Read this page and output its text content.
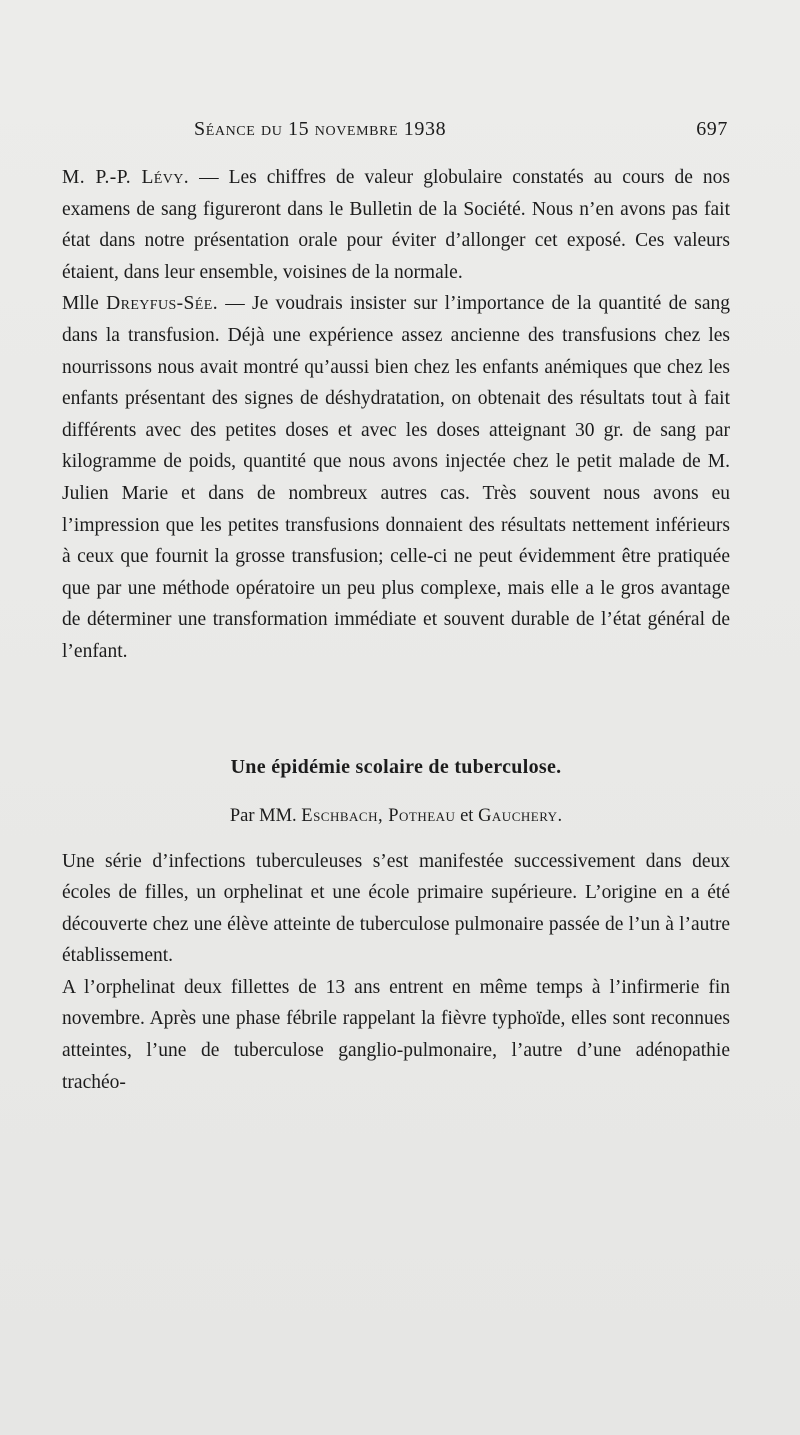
Séance du 15 novembre 1938	697

M. P.-P. Lévy. — Les chiffres de valeur globulaire constatés au cours de nos examens de sang figureront dans le Bulletin de la Société. Nous n’en avons pas fait état dans notre présentation orale pour éviter d’allonger cet exposé. Ces valeurs étaient, dans leur ensemble, voisines de la normale.

Mlle Dreyfus-Sée. — Je voudrais insister sur l’importance de la quantité de sang dans la transfusion. Déjà une expérience assez ancienne des transfusions chez les nourrissons nous avait montré qu’aussi bien chez les enfants anémiques que chez les enfants présentant des signes de déshydratation, on obtenait des résultats tout à fait différents avec des petites doses et avec les doses atteignant 30 gr. de sang par kilogramme de poids, quantité que nous avons injectée chez le petit malade de M. Julien Marie et dans de nombreux autres cas. Très souvent nous avons eu l’impression que les petites transfusions donnaient des résultats nettement inférieurs à ceux que fournit la grosse transfusion; celle-ci ne peut évidemment être pratiquée que par une méthode opératoire un peu plus complexe, mais elle a le gros avantage de déterminer une transformation immédiate et souvent durable de l’état général de l’enfant.

Une épidémie scolaire de tuberculose.
Par MM. Eschbach, Potheau et Gauchery.

Une série d’infections tuberculeuses s’est manifestée successivement dans deux écoles de filles, un orphelinat et une école primaire supérieure. L’origine en a été découverte chez une élève atteinte de tuberculose pulmonaire passée de l’un à l’autre établissement.

A l’orphelinat deux fillettes de 13 ans entrent en même temps à l’infirmerie fin novembre. Après une phase fébrile rappelant la fièvre typhoïde, elles sont reconnues atteintes, l’une de tuberculose ganglio-pulmonaire, l’autre d’une adénopathie trachéo-
